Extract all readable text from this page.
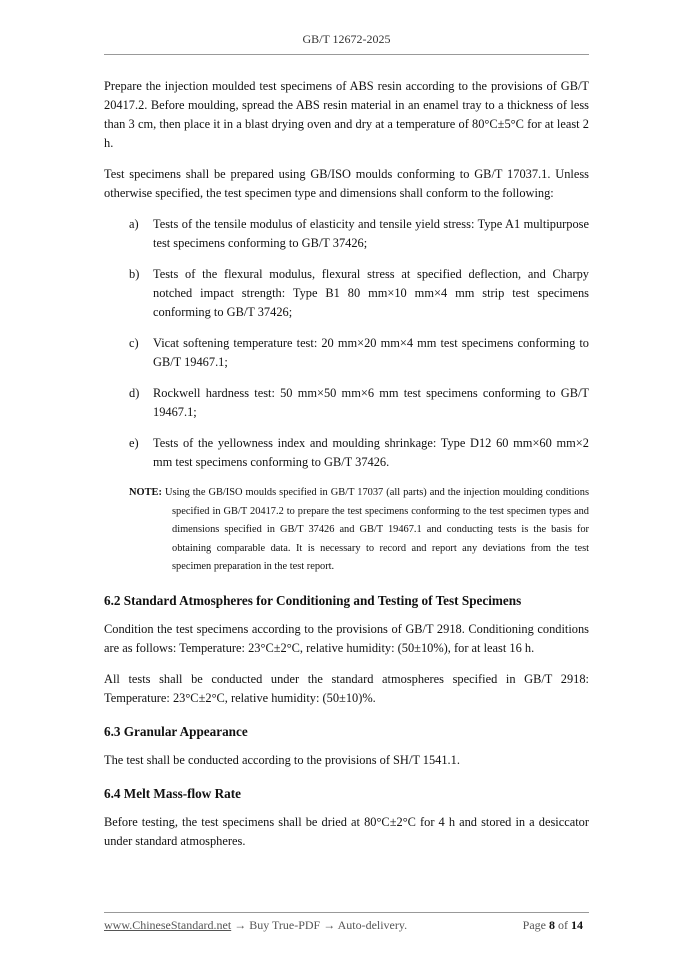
GB/T 12672-2025

Prepare the injection moulded test specimens of ABS resin according to the provisions of GB/T 20417.2. Before moulding, spread the ABS resin material in an enamel tray to a thickness of less than 3 cm, then place it in a blast drying oven and dry at a temperature of 80°C±5°C for at least 2 h.

Test specimens shall be prepared using GB/ISO moulds conforming to GB/T 17037.1. Unless otherwise specified, the test specimen type and dimensions shall conform to the following:

a) Tests of the tensile modulus of elasticity and tensile yield stress: Type A1 multipurpose test specimens conforming to GB/T 37426;
b) Tests of the flexural modulus, flexural stress at specified deflection, and Charpy notched impact strength: Type B1 80 mm×10 mm×4 mm strip test specimens conforming to GB/T 37426;
c) Vicat softening temperature test: 20 mm×20 mm×4 mm test specimens conforming to GB/T 19467.1;
d) Rockwell hardness test: 50 mm×50 mm×6 mm test specimens conforming to GB/T 19467.1;
e) Tests of the yellowness index and moulding shrinkage: Type D12 60 mm×60 mm×2 mm test specimens conforming to GB/T 37426.
NOTE: Using the GB/ISO moulds specified in GB/T 17037 (all parts) and the injection moulding conditions specified in GB/T 20417.2 to prepare the test specimens conforming to the test specimen types and dimensions specified in GB/T 37426 and GB/T 19467.1 and conducting tests is the basis for obtaining comparable data. It is necessary to record and report any deviations from the test specimen preparation in the test report.
6.2 Standard Atmospheres for Conditioning and Testing of Test Specimens

Condition the test specimens according to the provisions of GB/T 2918. Conditioning conditions are as follows: Temperature: 23°C±2°C, relative humidity: (50±10%), for at least 16 h.

All tests shall be conducted under the standard atmospheres specified in GB/T 2918: Temperature: 23°C±2°C, relative humidity: (50±10)%.

6.3 Granular Appearance

The test shall be conducted according to the provisions of SH/T 1541.1.

6.4 Melt Mass-flow Rate

Before testing, the test specimens shall be dried at 80°C±2°C for 4 h and stored in a desiccator under standard atmospheres.

www.ChineseStandard.net → Buy True-PDF → Auto-delivery.	Page 8 of 14
